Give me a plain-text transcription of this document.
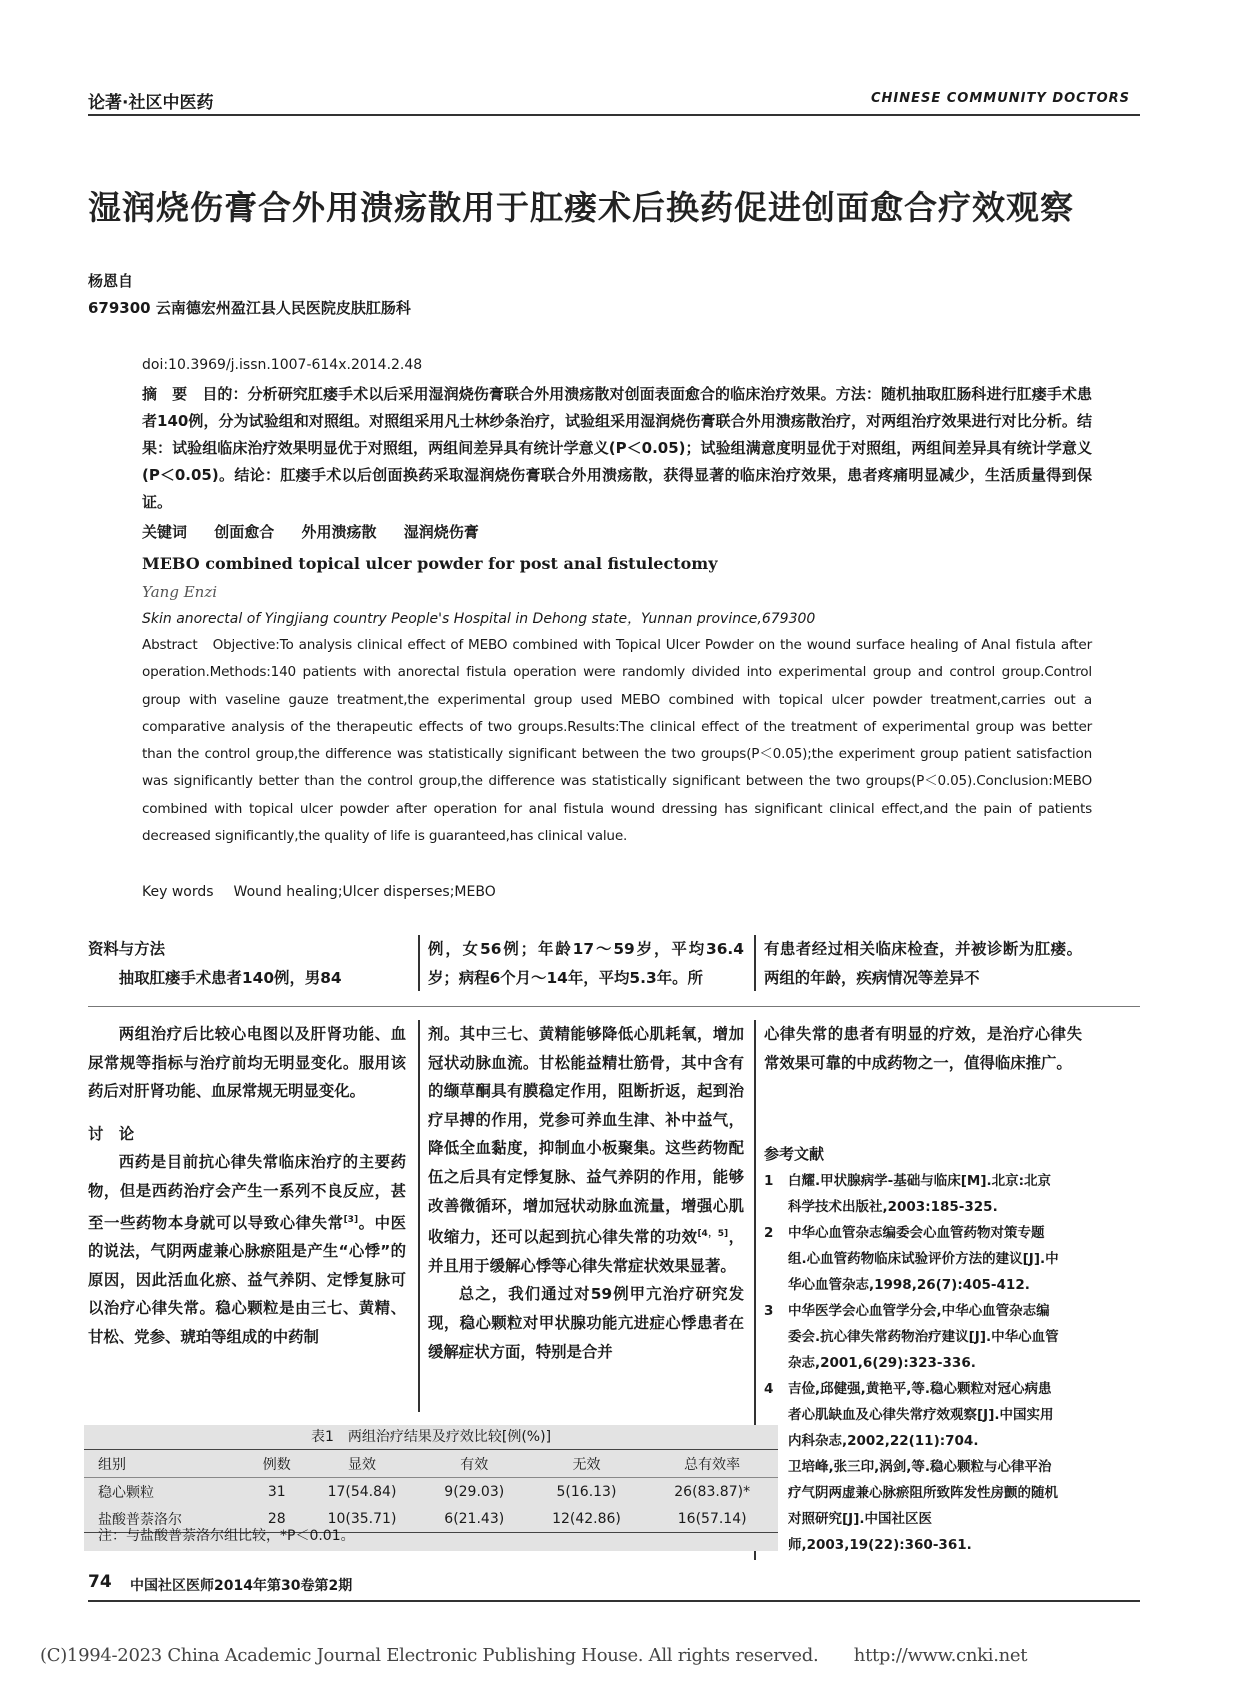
论著·社区中医药	CHINESE COMMUNITY DOCTORS
湿润烧伤膏合外用溃疡散用于肛瘘术后换药促进创面愈合疗效观察
杨恩自
679300 云南德宏州盈江县人民医院皮肤肛肠科
doi:10.3969/j.issn.1007-614x.2014.2.48
摘　要　目的：分析研究肛瘘手术以后采用湿润烧伤膏联合外用溃疡散对创面表面愈合的临床治疗效果。方法：随机抽取肛肠科进行肛瘘手术患者140例，分为试验组和对照组。对照组采用凡士林纱条治疗，试验组采用湿润烧伤膏联合外用溃疡散治疗，对两组治疗效果进行对比分析。结果：试验组临床治疗效果明显优于对照组，两组间差异具有统计学意义(P＜0.05)；试验组满意度明显优于对照组，两组间差异具有统计学意义(P＜0.05)。结论：肛瘘手术以后创面换药采取湿润烧伤膏联合外用溃疡散，获得显著的临床治疗效果，患者疼痛明显减少，生活质量得到保证。
关键词 创面愈合 外用溃疡散 湿润烧伤膏
MEBO combined topical ulcer powder for post anal fistulectomy
Yang Enzi
Skin anorectal of Yingjiang country People's Hospital in Dehong state，Yunnan province,679300
Abstract　Objective:To analysis clinical effect of MEBO combined with Topical Ulcer Powder on the wound surface healing of Anal fistula after operation.Methods:140 patients with anorectal fistula operation were randomly divided into experimental group and control group.Control group with vaseline gauze treatment,the experimental group used MEBO combined with topical ulcer powder treatment,carries out a comparative analysis of the therapeutic effects of two groups.Results:The clinical effect of the treatment of experimental group was better than the control group,the difference was statistically significant between the two groups(P＜0.05);the experiment group patient satisfaction was significantly better than the control group,the difference was statistically significant between the two groups(P＜0.05).Conclusion:MEBO combined with topical ulcer powder after operation for anal fistula wound dressing has significant clinical effect,and the pain of patients decreased significantly,the quality of life is guaranteed,has clinical value.
Key words Wound healing;Ulcer disperses;MEBO

资料与方法

抽取肛瘘手术患者140例，男84

例，女56例；年龄17～59岁，平均36.4岁；病程6个月～14年，平均5.3年。所

有患者经过相关临床检查，并被诊断为肛瘘。两组的年龄，疾病情况等差异不

两组治疗后比较心电图以及肝肾功能、血尿常规等指标与治疗前均无明显变化。服用该药后对肝肾功能、血尿常规无明显变化。

讨　论

西药是目前抗心律失常临床治疗的主要药物，但是西药治疗会产生一系列不良反应，甚至一些药物本身就可以导致心律失常[3]。中医的说法，气阴两虚兼心脉瘀阻是产生“心悸”的原因，因此活血化瘀、益气养阴、定悸复脉可以治疗心律失常。稳心颗粒是由三七、黄精、甘松、党参、琥珀等组成的中药制

剂。其中三七、黄精能够降低心肌耗氧，增加冠状动脉血流。甘松能益精壮筋骨，其中含有的缬草酮具有膜稳定作用，阻断折返，起到治疗早搏的作用，党参可养血生津、补中益气，降低全血黏度，抑制血小板聚集。这些药物配伍之后具有定悸复脉、益气养阴的作用，能够改善微循环，增加冠状动脉血流量，增强心肌收缩力，还可以起到抗心律失常的功效[4，5]，并且用于缓解心悸等心律失常症状效果显著。

总之，我们通过对59例甲亢治疗研究发现，稳心颗粒对甲状腺功能亢进症心悸患者在缓解症状方面，特别是合并

心律失常的患者有明显的疗效，是治疗心律失常效果可靠的中成药物之一，值得临床推广。

参考文献
1 白耀.甲状腺病学-基础与临床[M].北京:北京科学技术出版社,2003:185-325.
2 中华心血管杂志编委会心血管药物对策专题组.心血管药物临床试验评价方法的建议[J].中华心血管杂志,1998,26(7):405-412.
3 中华医学会心血管学分会,中华心血管杂志编委会.抗心律失常药物治疗建议[J].中华心血管杂志,2001,6(29):323-336.
4 吉俭,邱健强,黄艳平,等.稳心颗粒对冠心病患者心肌缺血及心律失常疗效观察[J].中国实用内科杂志,2002,22(11):704.
卫培峰,张三印,涡剑,等.稳心颗粒与心律平治疗气阴两虚兼心脉瘀阻所致阵发性房颤的随机对照研究[J].中国社区医师,2003,19(22):360-361.
表1　两组治疗结果及疗效比较[例(%)]
组别	例数	显效	有效	无效	总有效率
稳心颗粒	31	17(54.84)	9(29.03)	5(16.13)	26(83.87)*
盐酸普萘洛尔	28	10(35.71)	6(21.43)	12(42.86)	16(57.14)
注：与盐酸普萘洛尔组比较，*P＜0.01。
74 中国社区医师2014年第30卷第2期
(C)1994-2023 China Academic Journal Electronic Publishing House. All rights reserved.　　http://www.cnki.net
